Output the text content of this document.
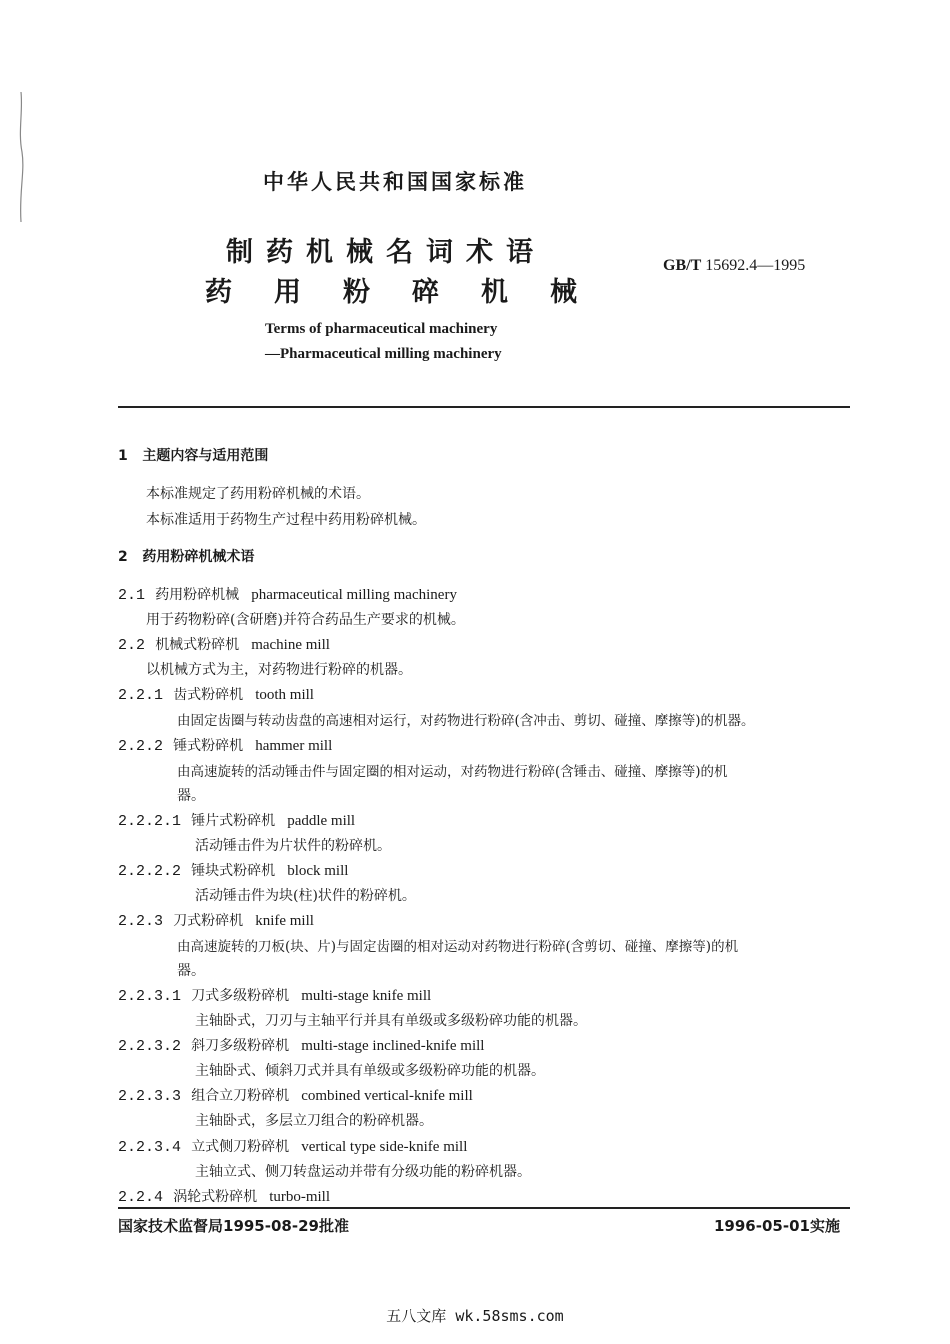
中华人民共和国国家标准
制药机械名词术语
药用粉碎机械
GB/T 15692.4—1995
Terms of pharmaceutical machinery
—Pharmaceutical milling machinery
1 主题内容与适用范围
本标准规定了药用粉碎机械的术语。
本标准适用于药物生产过程中药用粉碎机械。
2 药用粉碎机械术语
2.1 药用粉碎机械 pharmaceutical milling machinery
用于药物粉碎(含研磨)并符合药品生产要求的机械。
2.2 机械式粉碎机 machine mill
以机械方式为主，对药物进行粉碎的机器。
2.2.1 齿式粉碎机 tooth mill
由固定齿圈与转动齿盘的高速相对运行，对药物进行粉碎(含冲击、剪切、碰撞、摩擦等)的机器。
2.2.2 锤式粉碎机 hammer mill
由高速旋转的活动锤击件与固定圈的相对运动，对药物进行粉碎(含锤击、碰撞、摩擦等)的机
器。
2.2.2.1 锤片式粉碎机 paddle mill
活动锤击件为片状件的粉碎机。
2.2.2.2 锤块式粉碎机 block mill
活动锤击件为块(柱)状件的粉碎机。
2.2.3 刀式粉碎机 knife mill
由高速旋转的刀板(块、片)与固定齿圈的相对运动对药物进行粉碎(含剪切、碰撞、摩擦等)的机
器。
2.2.3.1 刀式多级粉碎机 multi-stage knife mill
主轴卧式，刀刃与主轴平行并具有单级或多级粉碎功能的机器。
2.2.3.2 斜刀多级粉碎机 multi-stage inclined-knife mill
主轴卧式、倾斜刀式并具有单级或多级粉碎功能的机器。
2.2.3.3 组合立刀粉碎机 combined vertical-knife mill
主轴卧式，多层立刀组合的粉碎机器。
2.2.3.4 立式侧刀粉碎机 vertical type side-knife mill
主轴立式、侧刀转盘运动并带有分级功能的粉碎机器。
2.2.4 涡轮式粉碎机 turbo-mill
国家技术监督局1995-08-29批准	1996-05-01实施
五八文库 wk.58sms.com
